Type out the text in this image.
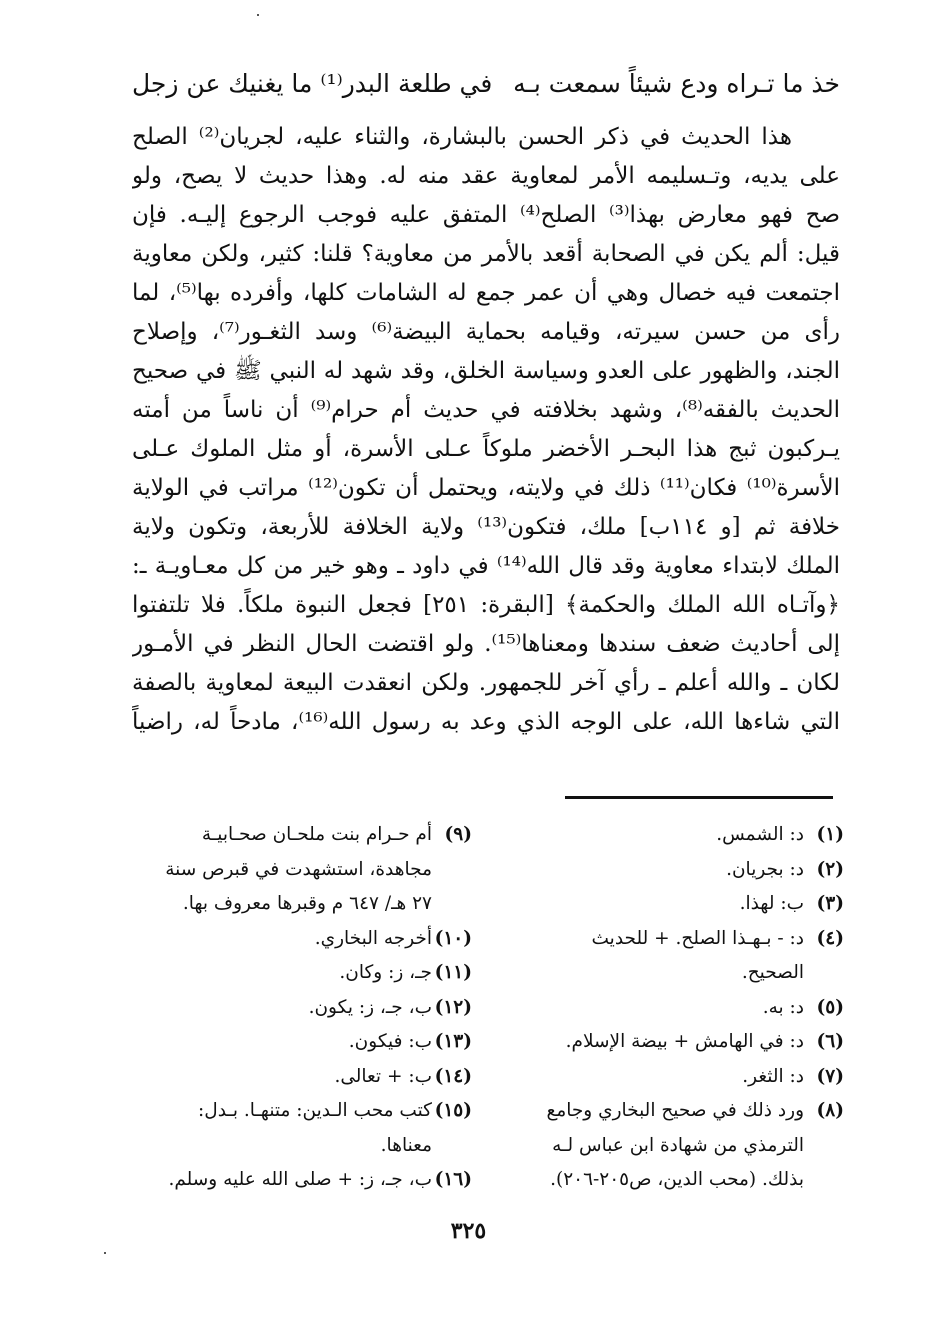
خذ ما تـراه ودع شيئاً سمعت بـه
في طلعة البدر⁽¹⁾ ما يغنيك عن زجل
هذا الحديث في ذكر الحسن بالبشارة، والثناء عليه، لجريان⁽²⁾ الصلح
على يديه، وتـسليمه الأمر لمعاوية عقد منه له. وهذا حديث لا يصح، ولو
صح فهو معارض بهذا⁽³⁾ الصلح⁽⁴⁾ المتفق عليه فوجب الرجوع إليـه. فإن
قيل: ألم يكن في الصحابة أقعد بالأمر من معاوية؟ قلنا: كثير، ولكن معاوية
اجتمعت فيه خصال وهي أن عمر جمع له الشامات كلها، وأفرده بها⁽⁵⁾، لما
رأى من حسن سيرته، وقيامه بحماية البيضة⁽⁶⁾ وسد الثغـور⁽⁷⁾، وإصلاح
الجند، والظهور على العدو وسياسة الخلق، وقد شهد له النبي ﷺ في صحيح
الحديث بالفقه⁽⁸⁾، وشهد بخلافته في حديث أم حرام⁽⁹⁾ أن ناساً من أمته
يـركبون ثبج هذا البحـر الأخضر ملوكاً عـلى الأسرة، أو مثل الملوك عـلى
الأسرة⁽¹⁰⁾ فكان⁽¹¹⁾ ذلك في ولايته، ويحتمل أن تكون⁽¹²⁾ مراتب في الولاية
خلافة ثم [و ١١٤ب] ملك، فتكون⁽¹³⁾ ولاية الخلافة للأربعة، وتكون ولاية
الملك لابتداء معاوية وقد قال الله⁽¹⁴⁾ في داود ـ وهو خير من كل معـاويـة ـ:
﴿وآتـاه الله الملك والحكمة﴾ [البقرة: ٢٥١] فجعل النبوة ملكاً. فلا تلتفتوا
إلى أحاديث ضعف سندها ومعناها⁽¹⁵⁾. ولو اقتضت الحال النظر في الأمـور
لكان ـ والله أعلم ـ رأي آخر للجمهور. ولكن انعقدت البيعة لمعاوية بالصفة
التي شاءها الله، على الوجه الذي وعد به رسول الله⁽¹⁶⁾، مادحاً له، راضياً
(١)د: الشمس.
(٢)د: بجريان.
(٣)ب: لهذا.
(٤)د: - بـهـذا الصلح. + للحديث
الصحيح.
(٥)د: به.
(٦)د: في الهامش + بيضة الإسلام.
(٧)د: الثغر.
(٨)ورد ذلك في صحيح البخاري وجامع
الترمذي من شهادة ابن عباس لـه
بذلك. (محب الدين، ص٢٠٥-٢٠٦).
(٩)أم حـرام بنت ملحـان صحـابيـة
مجاهدة، استشهدت في قبرص سنة
٢٧ هـ/ ٦٤٧ م وقبرها معروف بها.
(١٠)أخرجه البخاري.
(١١)جـ، ز: وكان.
(١٢)ب، جـ، ز: يكون.
(١٣)ب: فيكون.
(١٤)ب: + تعالى.
(١٥)كتب محب الـدين: متنهـا. بـدل:
معناها.
(١٦)ب، جـ، ز: + صلى الله عليه وسلم.
٣٢٥
